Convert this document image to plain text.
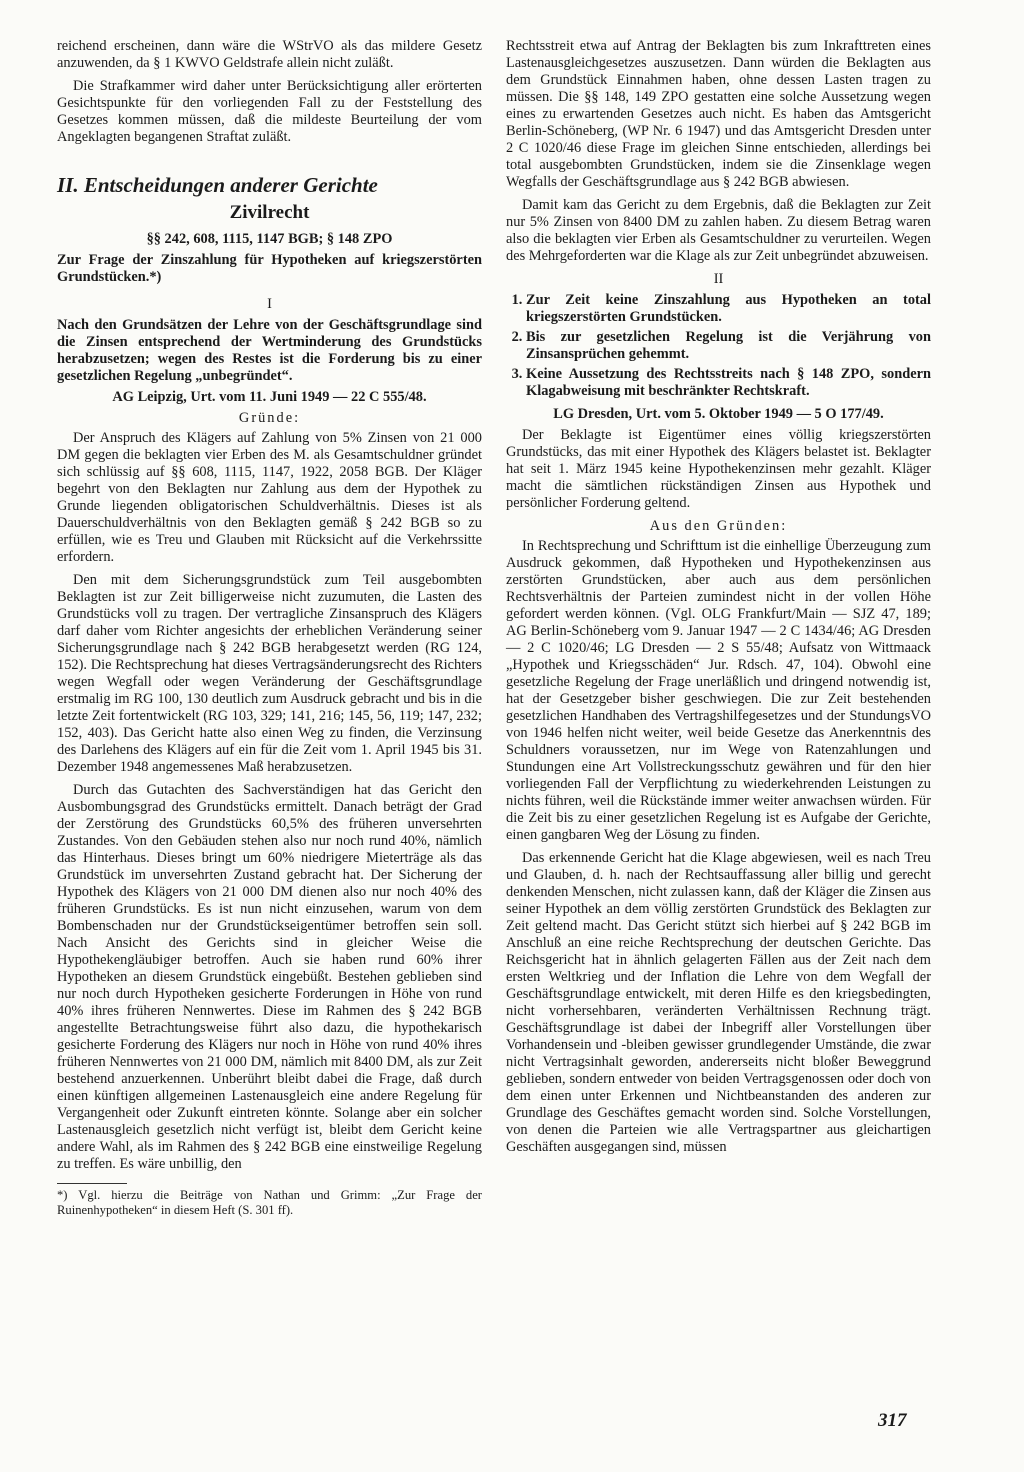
reichend erscheinen, dann wäre die WStrVO als das mildere Gesetz anzuwenden, da § 1 KWVO Geldstrafe allein nicht zuläßt.

Die Strafkammer wird daher unter Berücksichtigung aller erörterten Gesichtspunkte für den vorliegenden Fall zu der Feststellung des Gesetzes kommen müssen, daß die mildeste Beurteilung der vom Angeklagten begangenen Straftat zuläßt.

II. Entscheidungen anderer Gerichte
Zivilrecht
§§ 242, 608, 1115, 1147 BGB; § 148 ZPO
Zur Frage der Zinszahlung für Hypotheken auf kriegszerstörten Grundstücken.*)
I
Nach den Grundsätzen der Lehre von der Geschäftsgrundlage sind die Zinsen entsprechend der Wertminderung des Grundstücks herabzusetzen; wegen des Restes ist die Forderung bis zu einer gesetzlichen Regelung „unbegründet“.
AG Leipzig, Urt. vom 11. Juni 1949 — 22 C 555/48.
Gründe:

Der Anspruch des Klägers auf Zahlung von 5% Zinsen von 21 000 DM gegen die beklagten vier Erben des M. als Gesamtschuldner gründet sich schlüssig auf §§ 608, 1115, 1147, 1922, 2058 BGB. Der Kläger begehrt von den Beklagten nur Zahlung aus dem der Hypothek zu Grunde liegenden obligatorischen Schuldverhältnis. Dieses ist als Dauerschuldverhältnis von den Beklagten gemäß § 242 BGB so zu erfüllen, wie es Treu und Glauben mit Rücksicht auf die Verkehrssitte erfordern.

Den mit dem Sicherungsgrundstück zum Teil ausgebombten Beklagten ist zur Zeit billigerweise nicht zuzumuten, die Lasten des Grundstücks voll zu tragen. Der vertragliche Zinsanspruch des Klägers darf daher vom Richter angesichts der erheblichen Veränderung seiner Sicherungsgrundlage nach § 242 BGB herabgesetzt werden (RG 124, 152). Die Rechtsprechung hat dieses Vertragsänderungsrecht des Richters wegen Wegfall oder wegen Veränderung der Geschäftsgrundlage erstmalig im RG 100, 130 deutlich zum Ausdruck gebracht und bis in die letzte Zeit fortentwickelt (RG 103, 329; 141, 216; 145, 56, 119; 147, 232; 152, 403). Das Gericht hatte also einen Weg zu finden, die Verzinsung des Darlehens des Klägers auf ein für die Zeit vom 1. April 1945 bis 31. Dezember 1948 angemessenes Maß herabzusetzen.

Durch das Gutachten des Sachverständigen hat das Gericht den Ausbombungsgrad des Grundstücks ermittelt. Danach beträgt der Grad der Zerstörung des Grundstücks 60,5% des früheren unversehrten Zustandes. Von den Gebäuden stehen also nur noch rund 40%, nämlich das Hinterhaus. Dieses bringt um 60% niedrigere Mieterträge als das Grundstück im unversehrten Zustand gebracht hat. Der Sicherung der Hypothek des Klägers von 21 000 DM dienen also nur noch 40% des früheren Grundstücks. Es ist nun nicht einzusehen, warum von dem Bombenschaden nur der Grundstückseigentümer betroffen sein soll. Nach Ansicht des Gerichts sind in gleicher Weise die Hypothekengläubiger betroffen. Auch sie haben rund 60% ihrer Hypotheken an diesem Grundstück eingebüßt. Bestehen geblieben sind nur noch durch Hypotheken gesicherte Forderungen in Höhe von rund 40% ihres früheren Nennwertes. Diese im Rahmen des § 242 BGB angestellte Betrachtungsweise führt also dazu, die hypothekarisch gesicherte Forderung des Klägers nur noch in Höhe von rund 40% ihres früheren Nennwertes von 21 000 DM, nämlich mit 8400 DM, als zur Zeit bestehend anzuerkennen. Unberührt bleibt dabei die Frage, daß durch einen künftigen allgemeinen Lastenausgleich eine andere Regelung für Vergangenheit oder Zukunft eintreten könnte. Solange aber ein solcher Lastenausgleich gesetzlich nicht verfügt ist, bleibt dem Gericht keine andere Wahl, als im Rahmen des § 242 BGB eine einstweilige Regelung zu treffen. Es wäre unbillig, den

*) Vgl. hierzu die Beiträge von Nathan und Grimm: „Zur Frage der Ruinenhypotheken“ in diesem Heft (S. 301 ff).

Rechtsstreit etwa auf Antrag der Beklagten bis zum Inkrafttreten eines Lastenausgleichgesetzes auszusetzen. Dann würden die Beklagten aus dem Grundstück Einnahmen haben, ohne dessen Lasten tragen zu müssen. Die §§ 148, 149 ZPO gestatten eine solche Aussetzung wegen eines zu erwartenden Gesetzes auch nicht. Es haben das Amtsgericht Berlin-Schöneberg, (WP Nr. 6 1947) und das Amtsgericht Dresden unter 2 C 1020/46 diese Frage im gleichen Sinne entschieden, allerdings bei total ausgebombten Grundstücken, indem sie die Zinsenklage wegen Wegfalls der Geschäftsgrundlage aus § 242 BGB abwiesen.

Damit kam das Gericht zu dem Ergebnis, daß die Beklagten zur Zeit nur 5% Zinsen von 8400 DM zu zahlen haben. Zu diesem Betrag waren also die beklagten vier Erben als Gesamtschuldner zu verurteilen. Wegen des Mehrgeforderten war die Klage als zur Zeit unbegründet abzuweisen.

II
1. Zur Zeit keine Zinszahlung aus Hypotheken an total kriegszerstörten Grundstücken.
2. Bis zur gesetzlichen Regelung ist die Verjährung von Zinsansprüchen gehemmt.
3. Keine Aussetzung des Rechtsstreits nach § 148 ZPO, sondern Klagabweisung mit beschränkter Rechtskraft.
LG Dresden, Urt. vom 5. Oktober 1949 — 5 O 177/49.

Der Beklagte ist Eigentümer eines völlig kriegszerstörten Grundstücks, das mit einer Hypothek des Klägers belastet ist. Beklagter hat seit 1. März 1945 keine Hypothekenzinsen mehr gezahlt. Kläger macht die sämtlichen rückständigen Zinsen aus Hypothek und persönlicher Forderung geltend.

Aus den Gründen:

In Rechtsprechung und Schrifttum ist die einhellige Überzeugung zum Ausdruck gekommen, daß Hypotheken und Hypothekenzinsen aus zerstörten Grundstücken, aber auch aus dem persönlichen Rechtsverhältnis der Parteien zumindest nicht in der vollen Höhe gefordert werden können. (Vgl. OLG Frankfurt/Main — SJZ 47, 189; AG Berlin-Schöneberg vom 9. Januar 1947 — 2 C 1434/46; AG Dresden — 2 C 1020/46; LG Dresden — 2 S 55/48; Aufsatz von Wittmaack „Hypothek und Kriegsschäden“ Jur. Rdsch. 47, 104). Obwohl eine gesetzliche Regelung der Frage unerläßlich und dringend notwendig ist, hat der Gesetzgeber bisher geschwiegen. Die zur Zeit bestehenden gesetzlichen Handhaben des Vertragshilfegesetzes und der StundungsVO von 1946 helfen nicht weiter, weil beide Gesetze das Anerkenntnis des Schuldners voraussetzen, nur im Wege von Ratenzahlungen und Stundungen eine Art Vollstreckungsschutz gewähren und für den hier vorliegenden Fall der Verpflichtung zu wiederkehrenden Leistungen zu nichts führen, weil die Rückstände immer weiter anwachsen würden. Für die Zeit bis zu einer gesetzlichen Regelung ist es Aufgabe der Gerichte, einen gangbaren Weg der Lösung zu finden.

Das erkennende Gericht hat die Klage abgewiesen, weil es nach Treu und Glauben, d. h. nach der Rechtsauffassung aller billig und gerecht denkenden Menschen, nicht zulassen kann, daß der Kläger die Zinsen aus seiner Hypothek an dem völlig zerstörten Grundstück des Beklagten zur Zeit geltend macht. Das Gericht stützt sich hierbei auf § 242 BGB im Anschluß an eine reiche Rechtsprechung der deutschen Gerichte. Das Reichsgericht hat in ähnlich gelagerten Fällen aus der Zeit nach dem ersten Weltkrieg und der Inflation die Lehre von dem Wegfall der Geschäftsgrundlage entwickelt, mit deren Hilfe es den kriegsbedingten, nicht vorhersehbaren, veränderten Verhältnissen Rechnung trägt. Geschäftsgrundlage ist dabei der Inbegriff aller Vorstellungen über Vorhandensein und -bleiben gewisser grundlegender Umstände, die zwar nicht Vertragsinhalt geworden, andererseits nicht bloßer Beweggrund geblieben, sondern entweder von beiden Vertragsgenossen oder doch von dem einen unter Erkennen und Nichtbeanstanden des anderen zur Grundlage des Geschäftes gemacht worden sind. Solche Vorstellungen, von denen die Parteien wie alle Vertragspartner aus gleichartigen Geschäften ausgegangen sind, müssen

317
